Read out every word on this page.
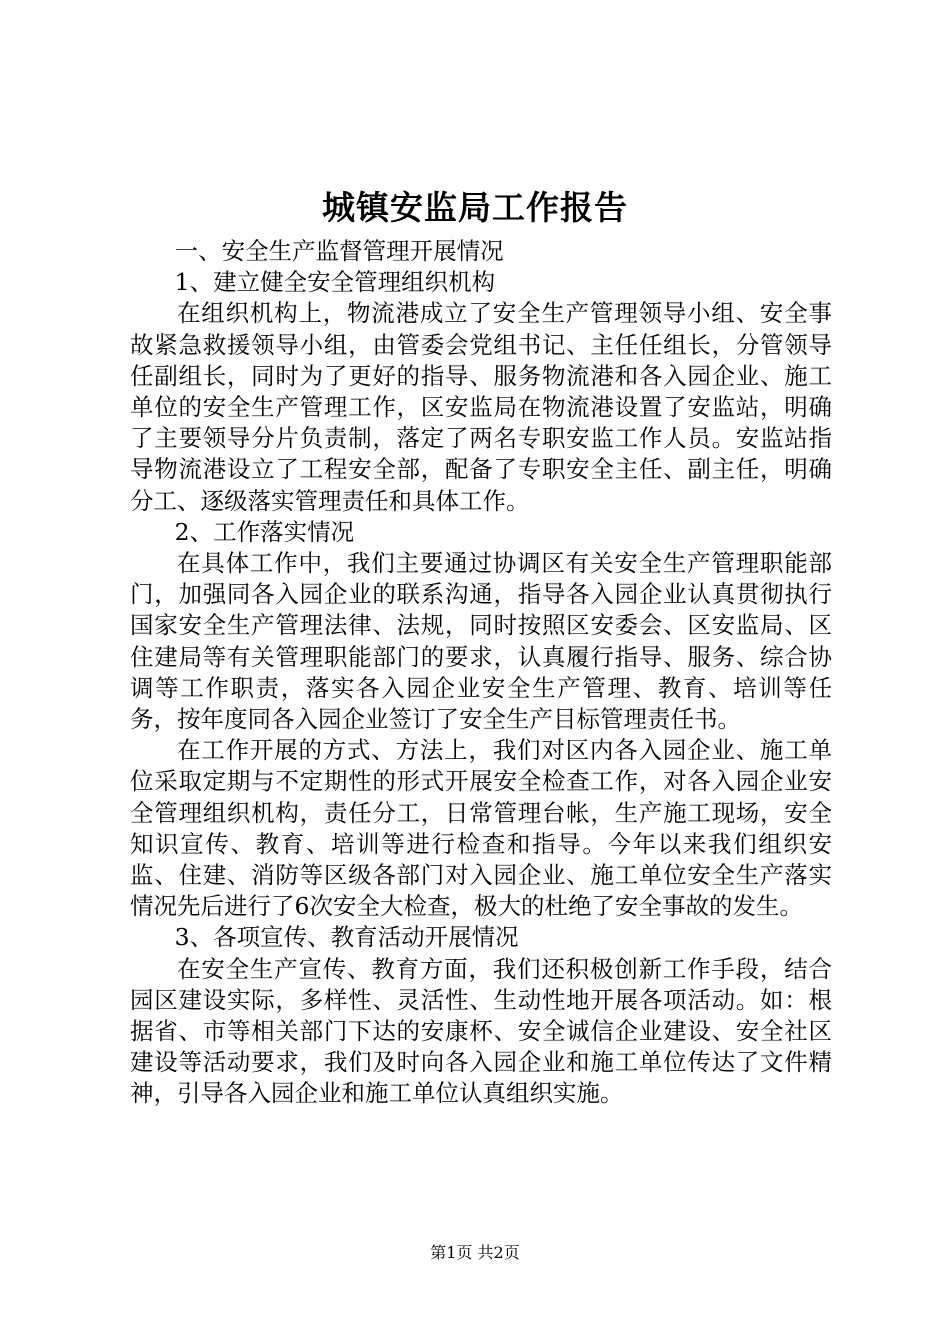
城镇安监局工作报告

一、安全生产监督管理开展情况

1、建立健全安全管理组织机构

在组织机构上，物流港成立了安全生产管理领导小组、安全事故紧急救援领导小组，由管委会党组书记、主任任组长，分管领导任副组长，同时为了更好的指导、服务物流港和各入园企业、施工单位的安全生产管理工作，区安监局在物流港设置了安监站，明确了主要领导分片负责制，落定了两名专职安监工作人员。安监站指导物流港设立了工程安全部，配备了专职安全主任、副主任，明确分工、逐级落实管理责任和具体工作。

2、工作落实情况

在具体工作中，我们主要通过协调区有关安全生产管理职能部门，加强同各入园企业的联系沟通，指导各入园企业认真贯彻执行国家安全生产管理法律、法规，同时按照区安委会、区安监局、区住建局等有关管理职能部门的要求，认真履行指导、服务、综合协调等工作职责，落实各入园企业安全生产管理、教育、培训等任务，按年度同各入园企业签订了安全生产目标管理责任书。

在工作开展的方式、方法上，我们对区内各入园企业、施工单位采取定期与不定期性的形式开展安全检查工作，对各入园企业安全管理组织机构，责任分工，日常管理台帐，生产施工现场，安全知识宣传、教育、培训等进行检查和指导。今年以来我们组织安监、住建、消防等区级各部门对入园企业、施工单位安全生产落实情况先后进行了6次安全大检查，极大的杜绝了安全事故的发生。

3、各项宣传、教育活动开展情况

在安全生产宣传、教育方面，我们还积极创新工作手段，结合园区建设实际，多样性、灵活性、生动性地开展各项活动。如：根据省、市等相关部门下达的安康杯、安全诚信企业建设、安全社区建设等活动要求，我们及时向各入园企业和施工单位传达了文件精神，引导各入园企业和施工单位认真组织实施。

第1页 共2页
